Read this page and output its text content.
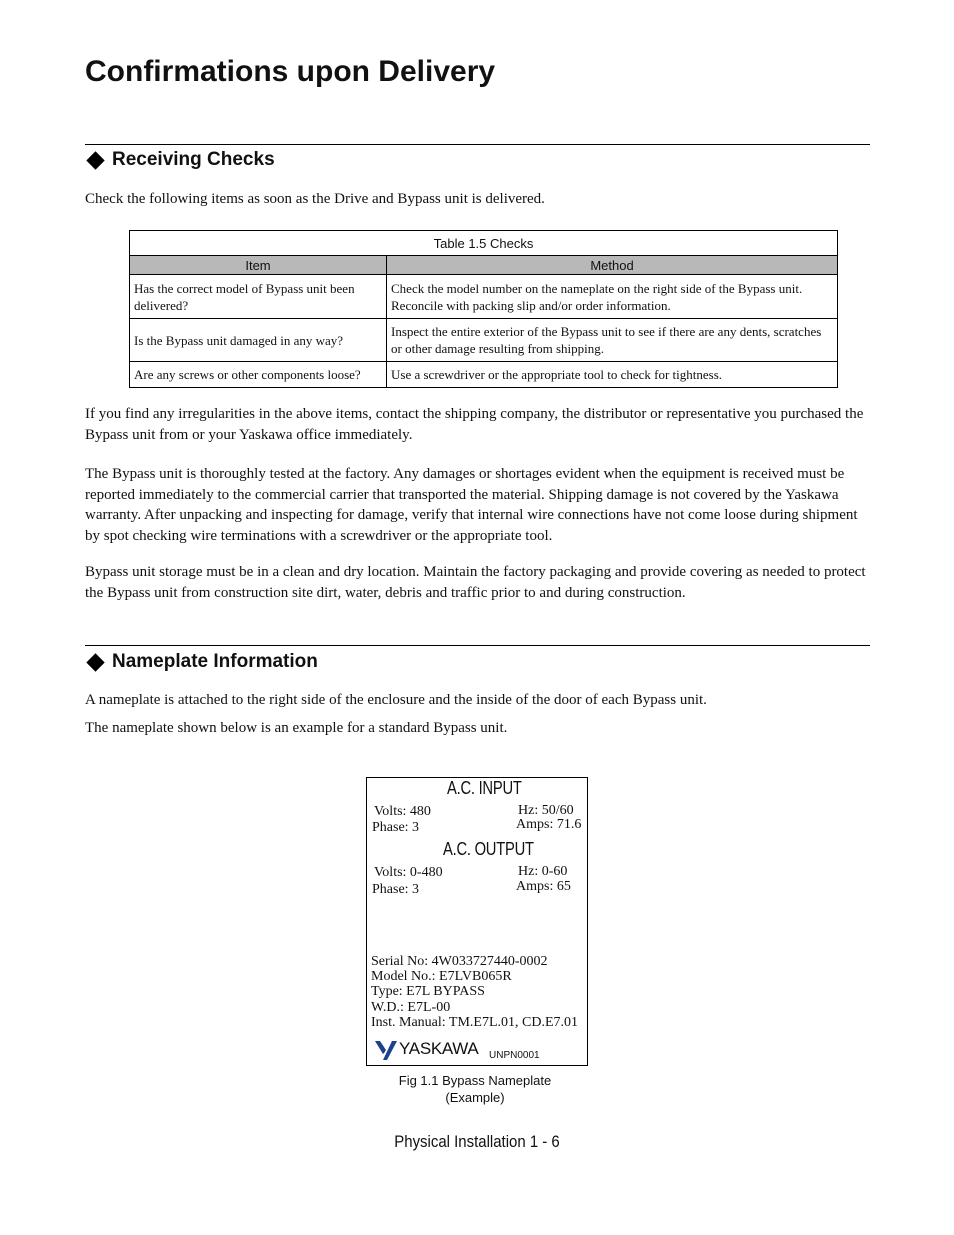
Confirmations upon Delivery
Receiving Checks

Check the following items as soon as the Drive and Bypass unit is delivered.

Table 1.5 Checks	
Item	Method
Has the correct model of Bypass unit been delivered?	Check the model number on the nameplate on the right side of the Bypass unit. Reconcile with packing slip and/or order information.
Is the Bypass unit damaged in any way?	Inspect the entire exterior of the Bypass unit to see if there are any dents, scratches or other damage resulting from shipping.
Are any screws or other components loose?	Use a screwdriver or the appropriate tool to check for tightness.

If you find any irregularities in the above items, contact the shipping company, the distributor or representative you purchased the Bypass unit from or your Yaskawa office immediately.

The Bypass unit is thoroughly tested at the factory. Any damages or shortages evident when the equipment is received must be reported immediately to the commercial carrier that transported the material. Shipping damage is not covered by the Yaskawa warranty. After unpacking and inspecting for damage, verify that internal wire connections have not come loose during shipment by spot checking wire terminations with a screwdriver or the appropriate tool.

Bypass unit storage must be in a clean and dry location. Maintain the factory packaging and provide covering as needed to protect the Bypass unit from construction site dirt, water, debris and traffic prior to and during construction.

Nameplate Information

A nameplate is attached to the right side of the enclosure and the inside of the door of each Bypass unit.

The nameplate shown below is an example for a standard Bypass unit.

A.C. INPUT
Volts: 480
Phase: 3
Hz: 50/60
Amps: 71.6
A.C. OUTPUT
Volts: 0-480
Phase: 3
Hz: 0-60
Amps: 65
Serial No: 4W033727440-0002
Model No.: E7LVB065R
Type: E7L BYPASS
W.D.: E7L-00
Inst. Manual: TM.E7L.01, CD.E7.01
YASKAWA UNPN0001
Fig 1.1 Bypass Nameplate
(Example)
Physical Installation 1 - 6
